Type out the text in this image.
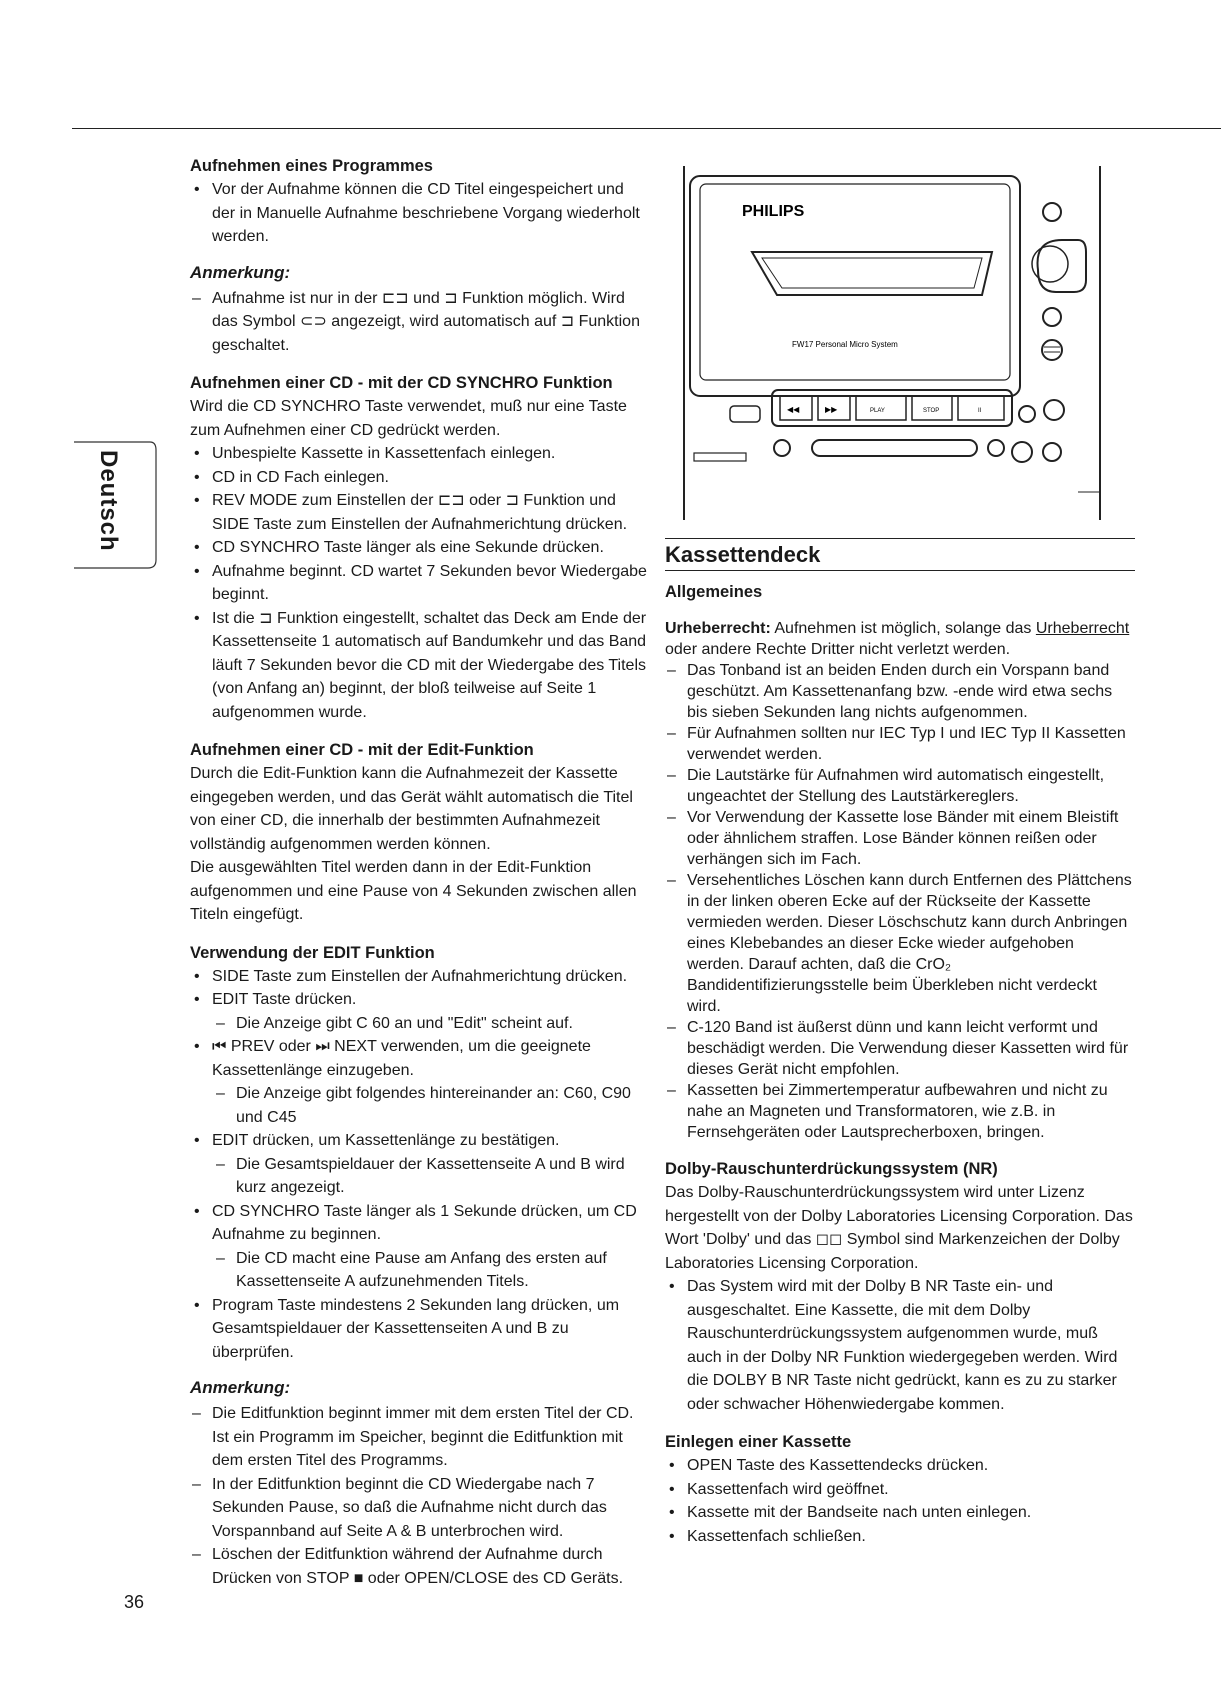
Deutsch
Aufnehmen eines Programmes
• Vor der Aufnahme können die CD Titel eingespeichert und der in Manuelle Aufnahme beschriebene Vorgang wiederholt werden.
Anmerkung:
– Aufnahme ist nur in der ⊏⊐ und ⊐ Funktion möglich. Wird das Symbol ⊂⊃ angezeigt, wird automatisch auf ⊐ Funktion geschaltet.
Aufnehmen einer CD - mit der CD SYNCHRO Funktion

Wird die CD SYNCHRO Taste verwendet, muß nur eine Taste zum Aufnehmen einer CD gedrückt werden.

• Unbespielte Kassette in Kassettenfach einlegen.
• CD in CD Fach einlegen.
• REV MODE zum Einstellen der ⊏⊐ oder ⊐ Funktion und SIDE Taste zum Einstellen der Aufnahmerichtung drücken.
• CD SYNCHRO Taste länger als eine Sekunde drücken.
• Aufnahme beginnt. CD wartet 7 Sekunden bevor Wiedergabe beginnt.
• Ist die ⊐ Funktion eingestellt, schaltet das Deck am Ende der Kassettenseite 1 automatisch auf Bandumkehr und das Band läuft 7 Sekunden bevor die CD mit der Wiedergabe des Titels (von Anfang an) beginnt, der bloß teilweise auf Seite 1 aufgenommen wurde.
Aufnehmen einer CD - mit der Edit-Funktion

Durch die Edit-Funktion kann die Aufnahmezeit der Kassette eingegeben werden, und das Gerät wählt automatisch die Titel von einer CD, die innerhalb der bestimmten Aufnahmezeit vollständig aufgenommen werden können.

Die ausgewählten Titel werden dann in der Edit-Funktion aufgenommen und eine Pause von 4 Sekunden zwischen allen Titeln eingefügt.

Verwendung der EDIT Funktion
• SIDE Taste zum Einstellen der Aufnahmerichtung drücken.
• EDIT Taste drücken.
– Die Anzeige gibt C 60 an und "Edit" scheint auf.
• ⏮ PREV oder ⏭ NEXT verwenden, um die geeignete Kassettenlänge einzugeben.
– Die Anzeige gibt folgendes hintereinander an: C60, C90 und C45
• EDIT drücken, um Kassettenlänge zu bestätigen.
– Die Gesamtspieldauer der Kassettenseite A und B wird kurz angezeigt.
• CD SYNCHRO Taste länger als 1 Sekunde drücken, um CD Aufnahme zu beginnen.
– Die CD macht eine Pause am Anfang des ersten auf Kassettenseite A aufzunehmenden Titels.
• Program Taste mindestens 2 Sekunden lang drücken, um Gesamtspieldauer der Kassettenseiten A und B zu überprüfen.
Anmerkung:
– Die Editfunktion beginnt immer mit dem ersten Titel der CD. Ist ein Programm im Speicher, beginnt die Editfunktion mit dem ersten Titel des Programms.
– In der Editfunktion beginnt die CD Wiedergabe nach 7 Sekunden Pause, so daß die Aufnahme nicht durch das Vorspannband auf Seite A & B unterbrochen wird.
– Löschen der Editfunktion während der Aufnahme durch Drücken von STOP ■ oder OPEN/CLOSE des CD Geräts.
PHILIPS
FW17 Personal Micro System
◀◀	▶▶	PLAY	STOP	II
Kassettendeck
Allgemeines

Urheberrecht: Aufnehmen ist möglich, solange das Urheberrecht oder andere Rechte Dritter nicht verletzt werden.

– Das Tonband ist an beiden Enden durch ein Vorspann band geschützt. Am Kassettenanfang bzw. -ende wird etwa sechs bis sieben Sekunden lang nichts aufgenommen.
– Für Aufnahmen sollten nur IEC Typ I und IEC Typ II Kassetten verwendet werden.
– Die Lautstärke für Aufnahmen wird automatisch eingestellt, ungeachtet der Stellung des Lautstärkereglers.
– Vor Verwendung der Kassette lose Bänder mit einem Bleistift oder ähnlichem straffen. Lose Bänder können reißen oder verhängen sich im Fach.
– Versehentliches Löschen kann durch Entfernen des Plättchens in der linken oberen Ecke auf der Rückseite der Kassette vermieden werden. Dieser Löschschutz kann durch Anbringen eines Klebebandes an dieser Ecke wieder aufgehoben werden. Darauf achten, daß die CrO₂ Bandidentifizierungsstelle beim Überkleben nicht verdeckt wird.
– C-120 Band ist äußerst dünn und kann leicht verformt und beschädigt werden. Die Verwendung dieser Kassetten wird für dieses Gerät nicht empfohlen.
– Kassetten bei Zimmertemperatur aufbewahren und nicht zu nahe an Magneten und Transformatoren, wie z.B. in Fernsehgeräten oder Lautsprecherboxen, bringen.
Dolby-Rauschunterdrückungssystem (NR)

Das Dolby-Rauschunterdrückungssystem wird unter Lizenz hergestellt von der Dolby Laboratories Licensing Corporation. Das Wort 'Dolby' und das ◻◻ Symbol sind Markenzeichen der Dolby Laboratories Licensing Corporation.

• Das System wird mit der Dolby B NR Taste ein- und ausgeschaltet. Eine Kassette, die mit dem Dolby Rauschunterdrückungssystem aufgenommen wurde, muß auch in der Dolby NR Funktion wiedergegeben werden. Wird die DOLBY B NR Taste nicht gedrückt, kann es zu zu starker oder schwacher Höhenwiedergabe kommen.
Einlegen einer Kassette
• OPEN Taste des Kassettendecks drücken.
• Kassettenfach wird geöffnet.
• Kassette mit der Bandseite nach unten einlegen.
• Kassettenfach schließen.
36
